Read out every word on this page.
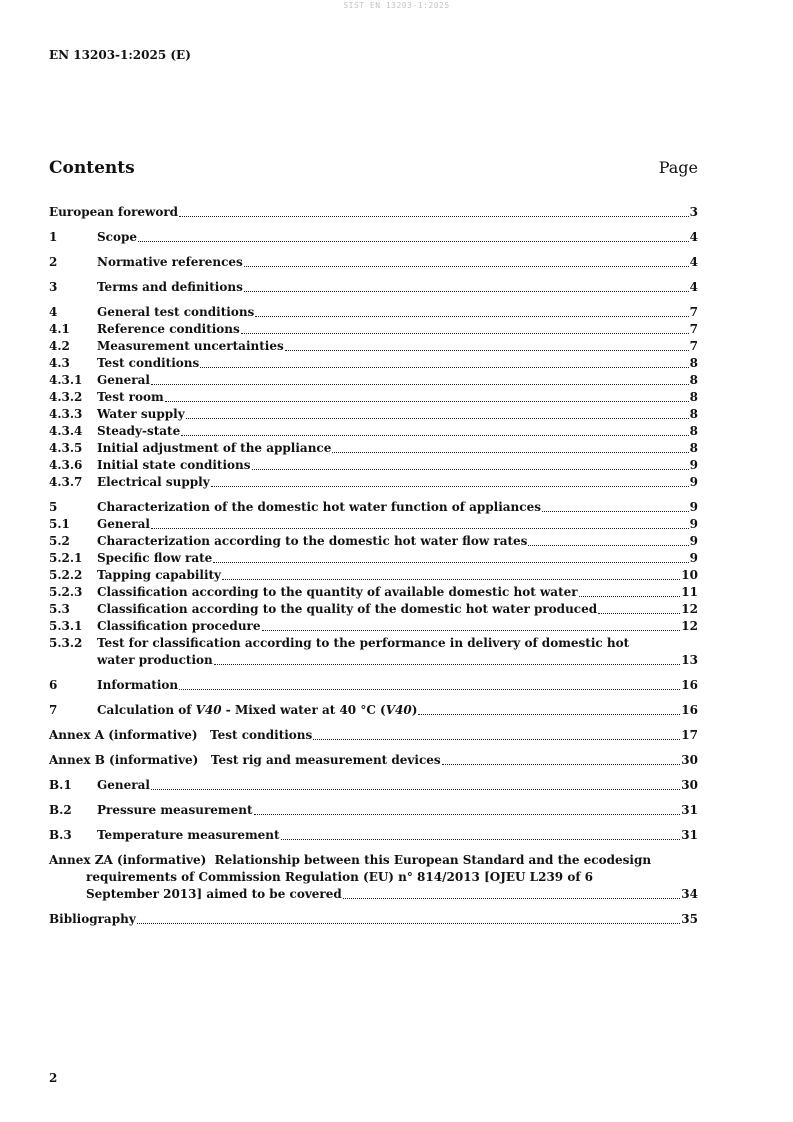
SIST EN 13203-1:2025
EN 13203-1:2025 (E)
Contents	Page
European foreword	3
1	Scope	4
2	Normative references	4
3	Terms and definitions	4
4	General test conditions	7
4.1	Reference conditions	7
4.2	Measurement uncertainties	7
4.3	Test conditions	8
4.3.1	General	8
4.3.2	Test room	8
4.3.3	Water supply	8
4.3.4	Steady-state	8
4.3.5	Initial adjustment of the appliance	8
4.3.6	Initial state conditions	9
4.3.7	Electrical supply	9
5	Characterization of the domestic hot water function of appliances	9
5.1	General	9
5.2	Characterization according to the domestic hot water flow rates	9
5.2.1	Specific flow rate	9
5.2.2	Tapping capability	10
5.2.3	Classification according to the quantity of available domestic hot water	11
5.3	Classification according to the quality of the domestic hot water produced	12
5.3.1	Classification procedure	12
5.3.2	Test for classification according to the performance in delivery of domestic hot
water production	13
6	Information	16
7	Calculation of V40 - Mixed water at 40 °C (V40)	16
Annex A (informative)   Test conditions	17
Annex B (informative)   Test rig and measurement devices	30
B.1	General	30
B.2	Pressure measurement	31
B.3	Temperature measurement	31
Annex ZA (informative)  Relationship between this European Standard and the ecodesign
requirements of Commission Regulation (EU) n° 814/2013 [OJEU L239 of 6
September 2013] aimed to be covered	34
Bibliography	35
2
